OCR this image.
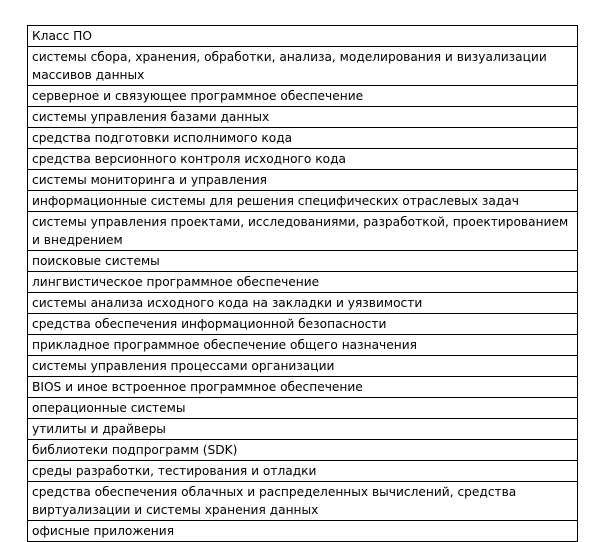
Класс ПО
системы сбора, хранения, обработки, анализа, моделирования и визуализации массивов данных
серверное и связующее программное обеспечение
системы управления базами данных
средства подготовки исполнимого кода
средства версионного контроля исходного кода
системы мониторинга и управления
информационные системы для решения специфических отраслевых задач
системы управления проектами, исследованиями, разработкой, проектированием и внедрением
поисковые системы
лингвистическое программное обеспечение
системы анализа исходного кода на закладки и уязвимости
средства обеспечения информационной безопасности
прикладное программное обеспечение общего назначения
системы управления процессами организации
BIOS и иное встроенное программное обеспечение
операционные системы
утилиты и драйверы
библиотеки подпрограмм (SDK)
среды разработки, тестирования и отладки
средства обеспечения облачных и распределенных вычислений, средства виртуализации и системы хранения данных
офисные приложения
